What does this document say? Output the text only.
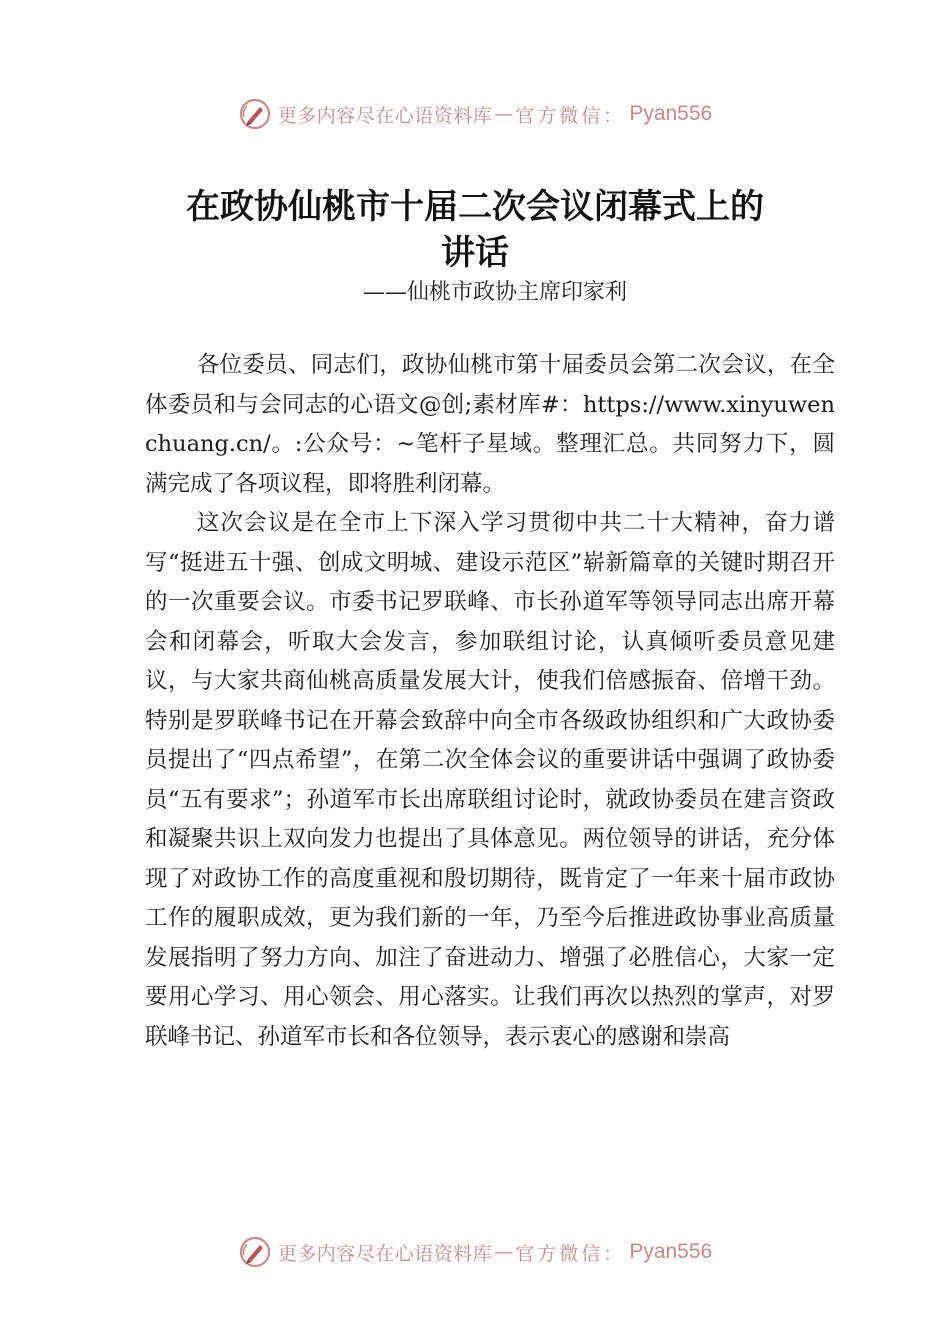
更多内容尽在心语资料库 — 官方微信： Pyan556
在政协仙桃市十届二次会议闭幕式上的
讲话
——仙桃市政协主席印家利

各位委员、同志们，政协仙桃市第十届委员会第二次会议，在全体委员和与会同志的心语文@创;素材库#：https://www.xinyuwenchuang.cn/。:公众号：~笔杆子星域。整理汇总。共同努力下，圆满完成了各项议程，即将胜利闭幕。

这次会议是在全市上下深入学习贯彻中共二十大精神，奋力谱写“挺进五十强、创成文明城、建设示范区”崭新篇章的关键时期召开的一次重要会议。市委书记罗联峰、市长孙道军等领导同志出席开幕会和闭幕会，听取大会发言，参加联组讨论，认真倾听委员意见建议，与大家共商仙桃高质量发展大计，使我们倍感振奋、倍增干劲。特别是罗联峰书记在开幕会致辞中向全市各级政协组织和广大政协委员提出了“四点希望”，在第二次全体会议的重要讲话中强调了政协委员“五有要求”；孙道军市长出席联组讨论时，就政协委员在建言资政和凝聚共识上双向发力也提出了具体意见。两位领导的讲话，充分体现了对政协工作的高度重视和殷切期待，既肯定了一年来十届市政协工作的履职成效，更为我们新的一年，乃至今后推进政协事业高质量发展指明了努力方向、加注了奋进动力、增强了必胜信心，大家一定要用心学习、用心领会、用心落实。让我们再次以热烈的掌声，对罗联峰书记、孙道军市长和各位领导，表示衷心的感谢和崇高

更多内容尽在心语资料库 — 官方微信： Pyan556
